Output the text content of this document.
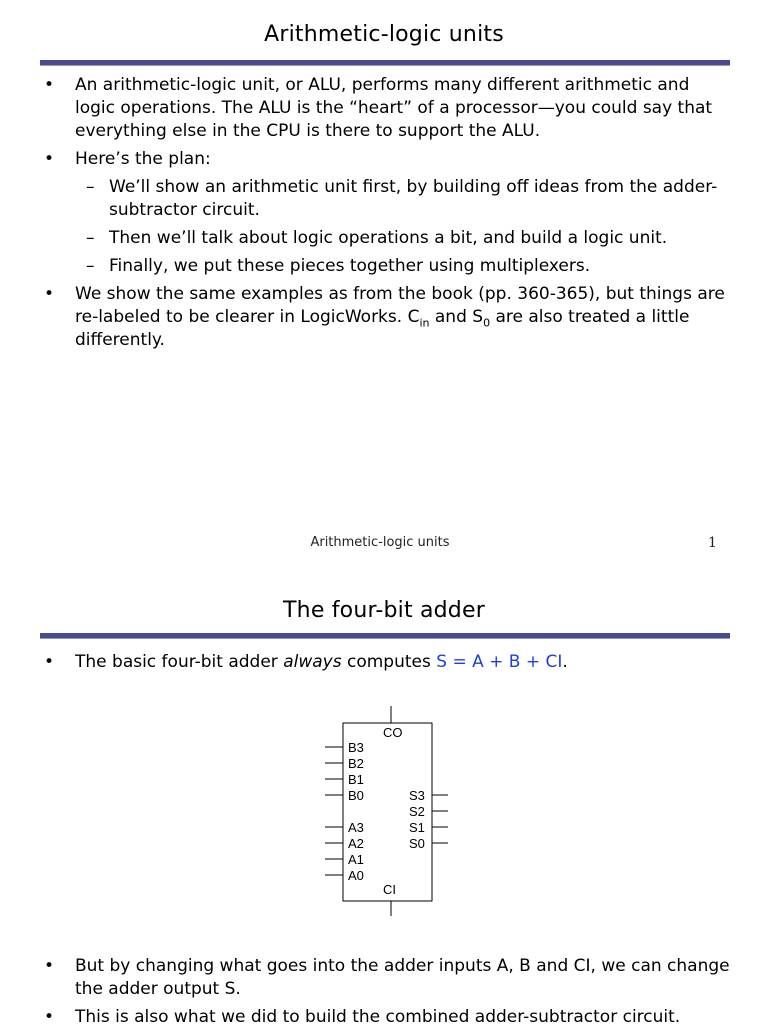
Arithmetic-logic units
• An arithmetic-logic unit, or ALU, performs many different arithmetic and logic operations. The ALU is the “heart” of a processor—you could say that everything else in the CPU is there to support the ALU.
• Here’s the plan:
– We’ll show an arithmetic unit first, by building off ideas from the adder-subtractor circuit.
– Then we’ll talk about logic operations a bit, and build a logic unit.
– Finally, we put these pieces together using multiplexers.
• We show the same examples as from the book (pp. 360-365), but things are re-labeled to be clearer in LogicWorks. $C_{in}$ and $S_0$ are also treated a little differently.
Arithmetic-logic units	1
The four-bit adder
• The basic four-bit adder always computes S = A + B + CI.
CO
CI
B3
B2
B1
B0
A3
A2
A1
A0
S3
S2
S1
S0
• But by changing what goes into the adder inputs A, B and CI, we can change the adder output S.
• This is also what we did to build the combined adder-subtractor circuit.
